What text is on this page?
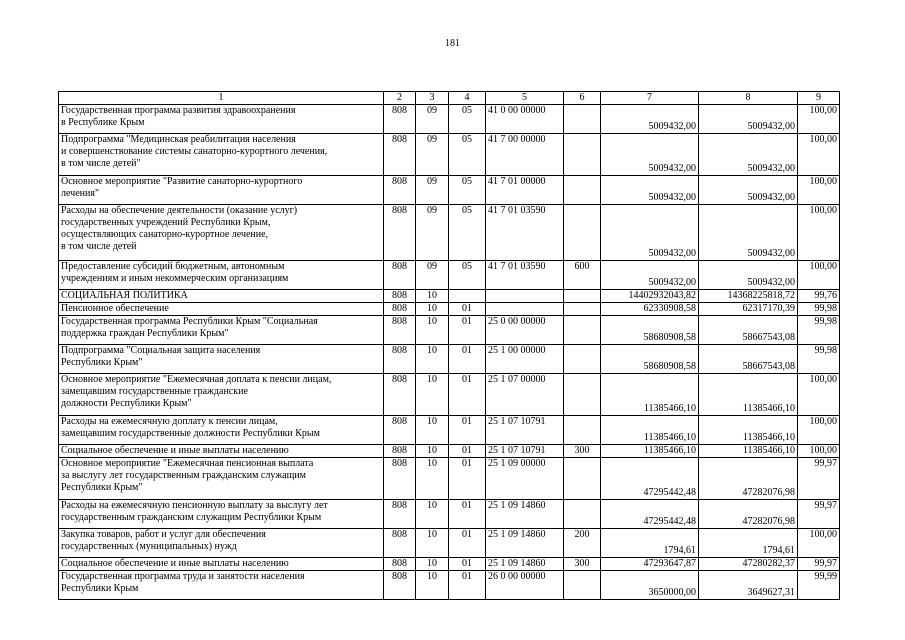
181
1	2	3	4	5	6	7	8	9
Государственная программа развития здравоохранения
в Республике Крым	808	09	05	41 0 00 00000		5009432,00	5009432,00	100,00
Подпрограмма "Медицинская реабилитация населения
и совершенствование системы санаторно-курортного лечения,
в том числе детей"	808	09	05	41 7 00 00000		5009432,00	5009432,00	100,00
Основное мероприятие "Развитие санаторно-курортного
лечения"	808	09	05	41 7 01 00000		5009432,00	5009432,00	100,00
Расходы на обеспечение деятельности (оказание услуг)
государственных учреждений Республики Крым,
осуществляющих санаторно-курортное лечение,
в том числе детей	808	09	05	41 7 01 03590		5009432,00	5009432,00	100,00
Предоставление субсидий бюджетным, автономным
учреждениям и иным некоммерческим организациям	808	09	05	41 7 01 03590	600	5009432,00	5009432,00	100,00
СОЦИАЛЬНАЯ ПОЛИТИКА	808	10				14402932043,82	14368225818,72	99,76
Пенсионное обеспечение	808	10	01			62330908,58	62317170,39	99,98
Государственная программа Республики Крым "Социальная
поддержка граждан Республики Крым"	808	10	01	25 0 00 00000		58680908,58	58667543,08	99,98
Подпрограмма "Социальная защита населения
Республики Крым"	808	10	01	25 1 00 00000		58680908,58	58667543,08	99,98
Основное мероприятие "Ежемесячная доплата к пенсии лицам,
замещавшим государственные гражданские
должности Республики Крым"	808	10	01	25 1 07 00000		11385466,10	11385466,10	100,00
Расходы на ежемесячную доплату к пенсии лицам,
замещавшим государственные должности Республики Крым	808	10	01	25 1 07 10791		11385466,10	11385466,10	100,00
Социальное обеспечение и иные выплаты населению	808	10	01	25 1 07 10791	300	11385466,10	11385466,10	100,00
Основное мероприятие "Ежемесячная пенсионная выплата
за выслугу лет государственным гражданским служащим
Республики Крым"	808	10	01	25 1 09 00000		47295442,48	47282076,98	99,97
Расходы на ежемесячную пенсионную выплату за выслугу лет
государственным гражданским служащим Республики Крым	808	10	01	25 1 09 14860		47295442,48	47282076,98	99,97
Закупка товаров, работ и услуг для обеспечения
государственных (муниципальных) нужд	808	10	01	25 1 09 14860	200	1794,61	1794,61	100,00
Социальное обеспечение и иные выплаты населению	808	10	01	25 1 09 14860	300	47293647,87	47280282,37	99,97
Государственная программа труда и занятости населения
Республики Крым	808	10	01	26 0 00 00000		3650000,00	3649627,31	99,99
